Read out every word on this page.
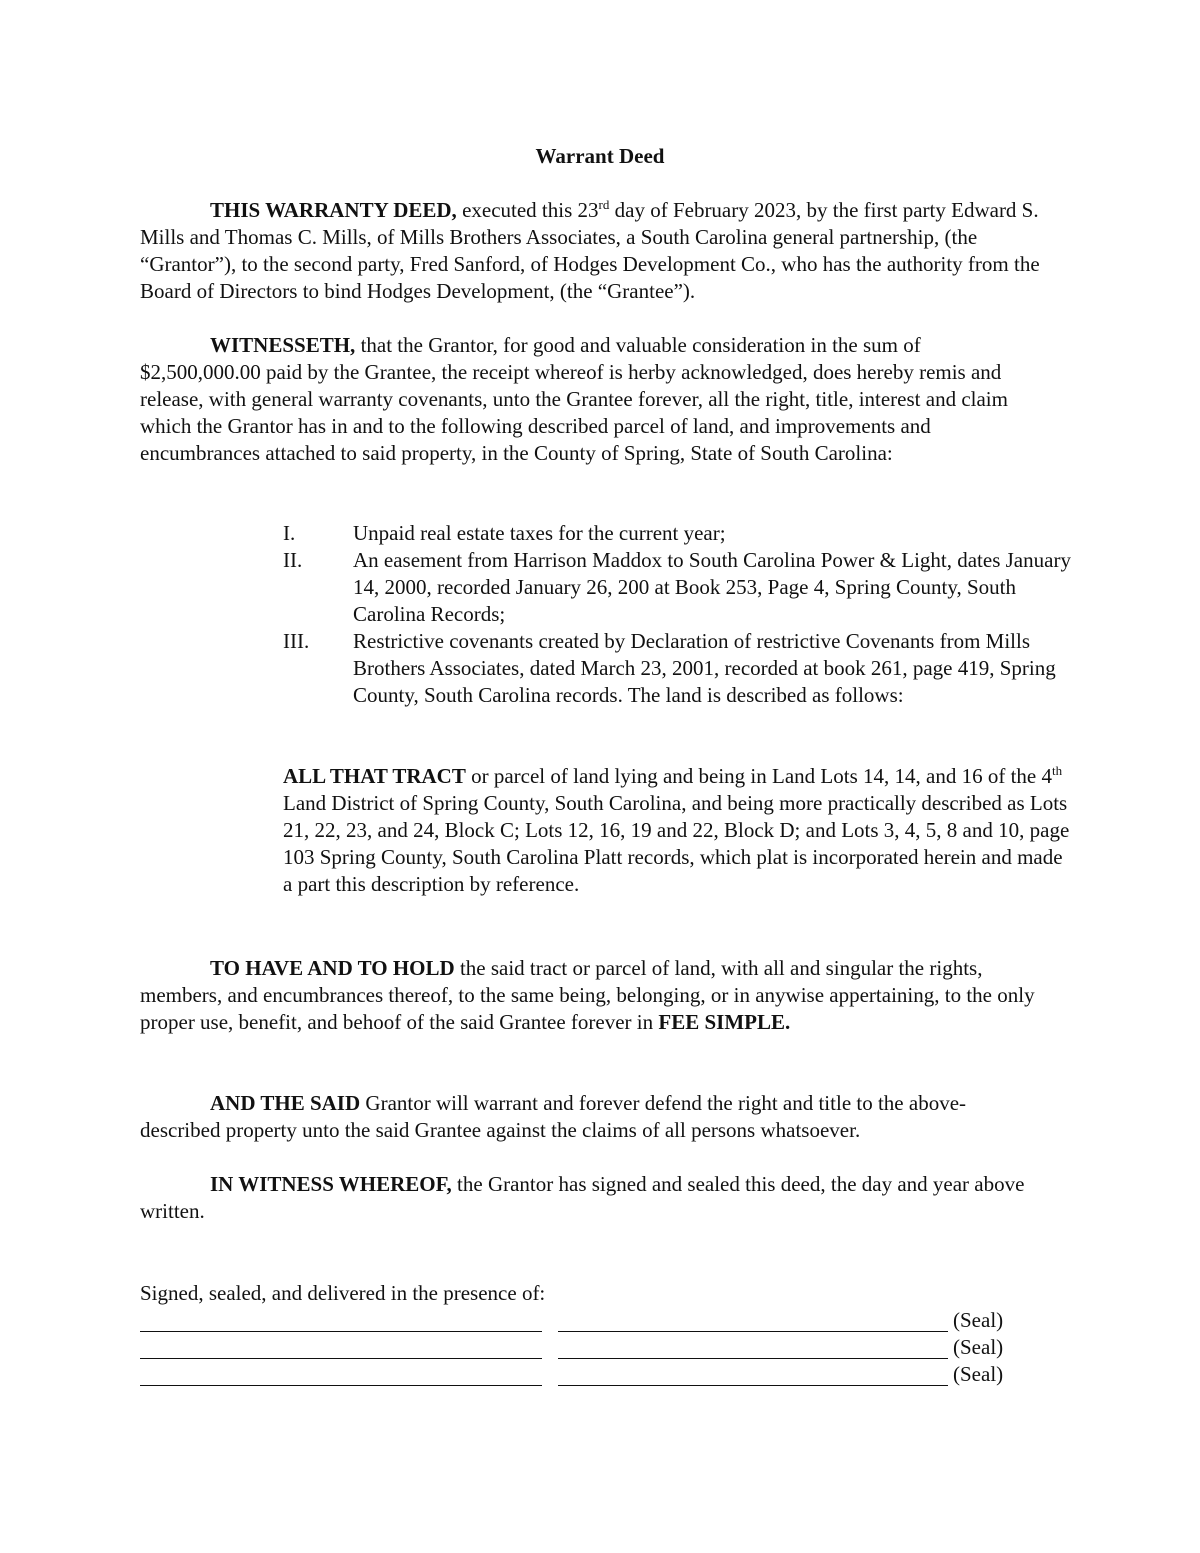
Warrant Deed
THIS WARRANTY DEED, executed this 23rd day of February 2023, by the first party Edward S. Mills and Thomas C. Mills, of Mills Brothers Associates, a South Carolina general partnership, (the “Grantor”), to the second party, Fred Sanford, of Hodges Development Co., who has the authority from the Board of Directors to bind Hodges Development, (the “Grantee”).
WITNESSETH, that the Grantor, for good and valuable consideration in the sum of $2,500,000.00 paid by the Grantee, the receipt whereof is herby acknowledged, does hereby remis and release, with general warranty covenants, unto the Grantee forever, all the right, title, interest and claim which the Grantor has in and to the following described parcel of land, and improvements and encumbrances attached to said property, in the County of Spring, State of South Carolina:
I.	Unpaid real estate taxes for the current year;
II.	An easement from Harrison Maddox to South Carolina Power & Light, dates January 14, 2000, recorded January 26, 200 at Book 253, Page 4, Spring County, South Carolina Records;
III.	Restrictive covenants created by Declaration of restrictive Covenants from Mills Brothers Associates, dated March 23, 2001, recorded at book 261, page 419, Spring County, South Carolina records. The land is described as follows:
ALL THAT TRACT or parcel of land lying and being in Land Lots 14, 14, and 16 of the 4th Land District of Spring County, South Carolina, and being more practically described as Lots 21, 22, 23, and 24, Block C; Lots 12, 16, 19 and 22, Block D; and Lots 3, 4, 5, 8 and 10, page 103 Spring County, South Carolina Platt records, which plat is incorporated herein and made a part this description by reference.
TO HAVE AND TO HOLD the said tract or parcel of land, with all and singular the rights, members, and encumbrances thereof, to the same being, belonging, or in anywise appertaining, to the only proper use, benefit, and behoof of the said Grantee forever in FEE SIMPLE.
AND THE SAID Grantor will warrant and forever defend the right and title to the above-described property unto the said Grantee against the claims of all persons whatsoever.
IN WITNESS WHEREOF, the Grantor has signed and sealed this deed, the day and year above written.
Signed, sealed, and delivered in the presence of:
(Seal)
(Seal)
(Seal)
